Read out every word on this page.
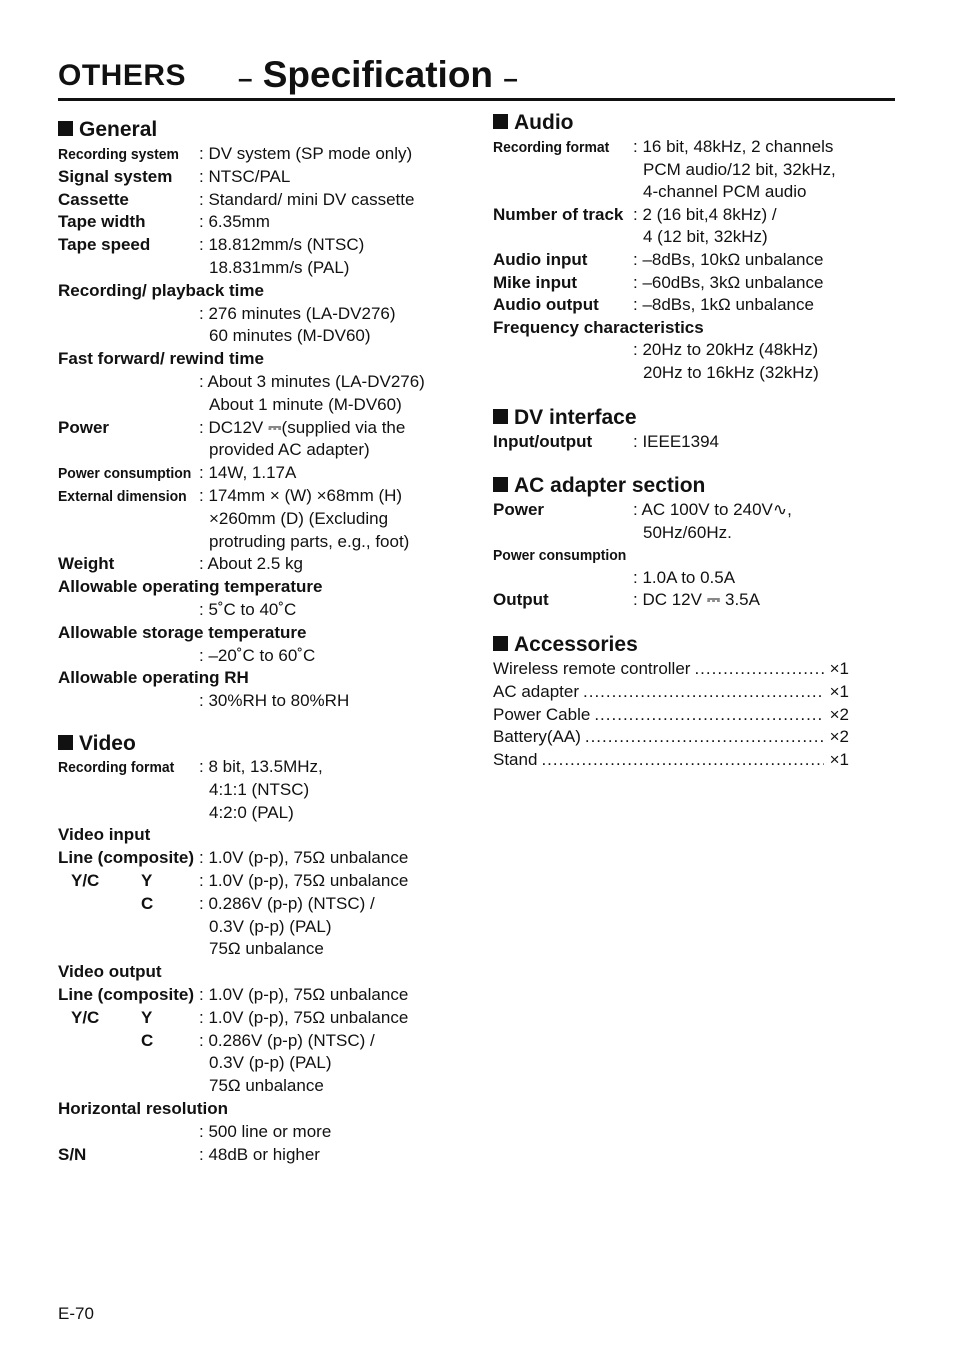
OTHERS – Specification –
General
Recording system	: DV system (SP mode only)
Signal system : NTSC/PAL
Cassette	: Standard/ mini DV cassette
Tape width	: 6.35mm
Tape speed	: 18.812mm/s (NTSC)
18.831mm/s (PAL)
Recording/ playback time
: 276 minutes (LA-DV276)
60 minutes (M-DV60)
Fast forward/ rewind time
: About 3 minutes (LA-DV276)
About 1 minute (M-DV60)
Power	: DC12V ⎓(supplied via the
provided AC adapter)
Power consumption : 14W, 1.17A
External dimension : 174mm × (W) ×68mm (H)
×260mm (D) (Excluding
protruding parts, e.g., foot)
Weight	: About 2.5 kg
Allowable operating temperature
: 5˚C to 40˚C
Allowable storage temperature
: –20˚C to 60˚C
Allowable operating RH
: 30%RH to 80%RH
Video
Recording format	: 8 bit, 13.5MHz,
4:1:1 (NTSC)
4:2:0 (PAL)
Video input
Line (composite) : 1.0V (p-p), 75Ω unbalance
Y/C Y	: 1.0V (p-p), 75Ω unbalance
C	: 0.286V (p-p) (NTSC) /
0.3V (p-p) (PAL)
75Ω unbalance
Video output
Line (composite) : 1.0V (p-p), 75Ω unbalance
Y/C Y	: 1.0V (p-p), 75Ω unbalance
C	: 0.286V (p-p) (NTSC) /
0.3V (p-p) (PAL)
75Ω unbalance
Horizontal resolution
: 500 line or more
S/N	: 48dB or higher
Audio
Recording format	: 16 bit, 48kHz, 2 channels
PCM audio/12 bit, 32kHz,
4-channel PCM audio
Number of track : 2 (16 bit,4 8kHz) /
4 (12 bit, 32kHz)
Audio input	: –8dBs, 10kΩ unbalance
Mike input	: –60dBs, 3kΩ unbalance
Audio output : –8dBs, 1kΩ unbalance
Frequency characteristics
: 20Hz to 20kHz (48kHz)
20Hz to 16kHz (32kHz)
DV interface
Input/output : IEEE1394
AC adapter section
Power	: AC 100V to 240V∿,
50Hz/60Hz.
Power consumption
: 1.0A to 0.5A
Output	: DC 12V ⎓ 3.5A
Accessories
Wireless remote controller .....	×1
AC adapter .....	×1
Power Cable .....	×2
Battery(AA) .....	×2
Stand .....	×1
E-70
